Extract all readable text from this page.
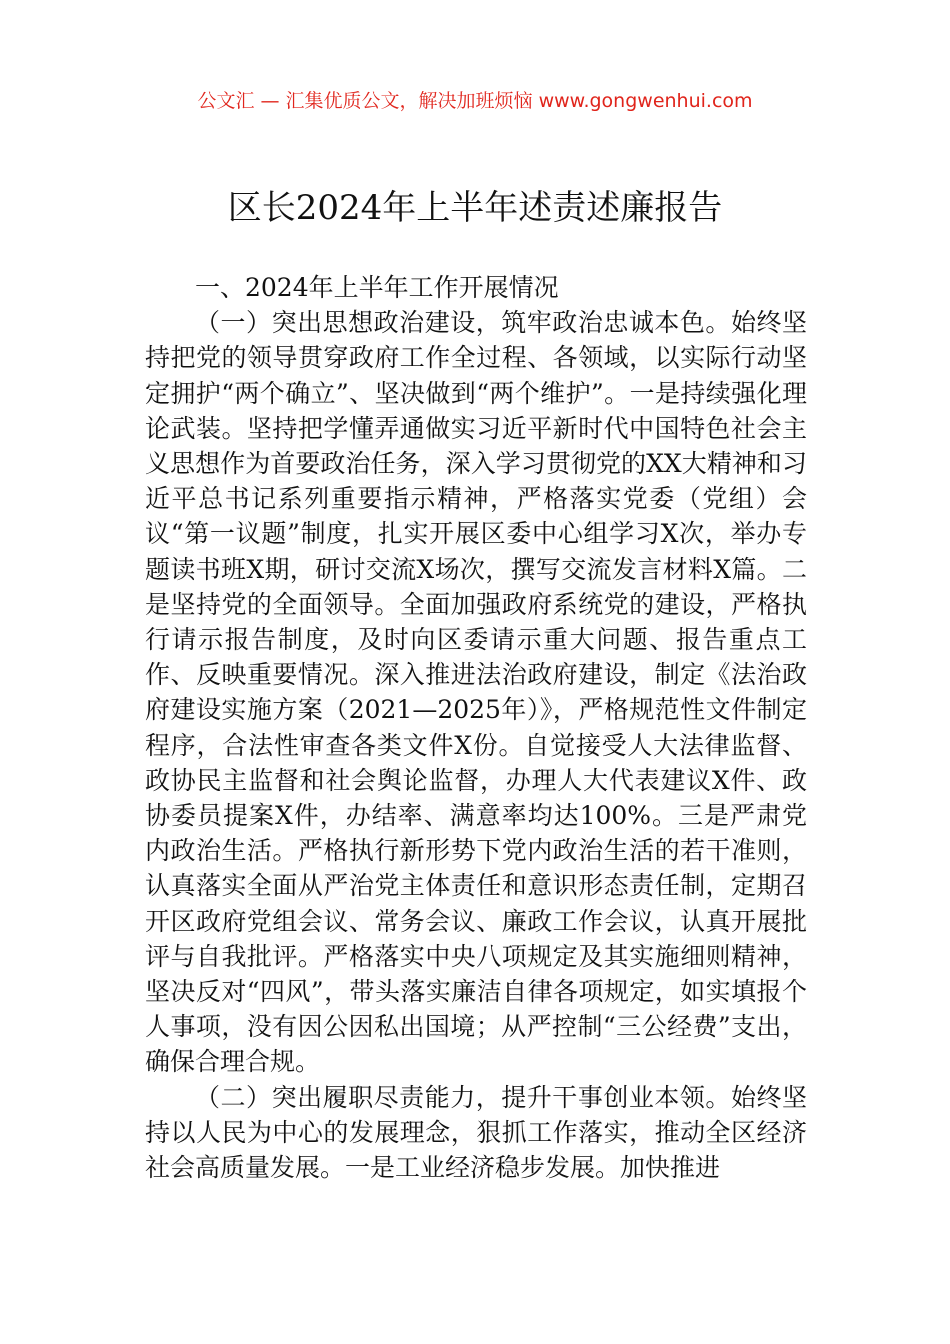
公文汇 — 汇集优质公文，解决加班烦恼 www.gongwenhui.com
区长2024年上半年述责述廉报告

一、2024年上半年工作开展情况

（一）突出思想政治建设，筑牢政治忠诚本色。始终坚持把党的领导贯穿政府工作全过程、各领域，以实际行动坚定拥护“两个确立”、坚决做到“两个维护”。一是持续强化理论武装。坚持把学懂弄通做实习近平新时代中国特色社会主义思想作为首要政治任务，深入学习贯彻党的XX大精神和习近平总书记系列重要指示精神，严格落实党委（党组）会议“第一议题”制度，扎实开展区委中心组学习X次，举办专题读书班X期，研讨交流X场次，撰写交流发言材料X篇。二是坚持党的全面领导。全面加强政府系统党的建设，严格执行请示报告制度，及时向区委请示重大问题、报告重点工作、反映重要情况。深入推进法治政府建设，制定《法治政府建设实施方案（2021—2025年）》，严格规范性文件制定程序，合法性审查各类文件X份。自觉接受人大法律监督、政协民主监督和社会舆论监督，办理人大代表建议X件、政协委员提案X件，办结率、满意率均达100%。三是严肃党内政治生活。严格执行新形势下党内政治生活的若干准则，认真落实全面从严治党主体责任和意识形态责任制，定期召开区政府党组会议、常务会议、廉政工作会议，认真开展批评与自我批评。严格落实中央八项规定及其实施细则精神，坚决反对“四风”，带头落实廉洁自律各项规定，如实填报个人事项，没有因公因私出国境；从严控制“三公经费”支出，确保合理合规。

（二）突出履职尽责能力，提升干事创业本领。始终坚持以人民为中心的发展理念，狠抓工作落实，推动全区经济社会高质量发展。一是工业经济稳步发展。加快推进
